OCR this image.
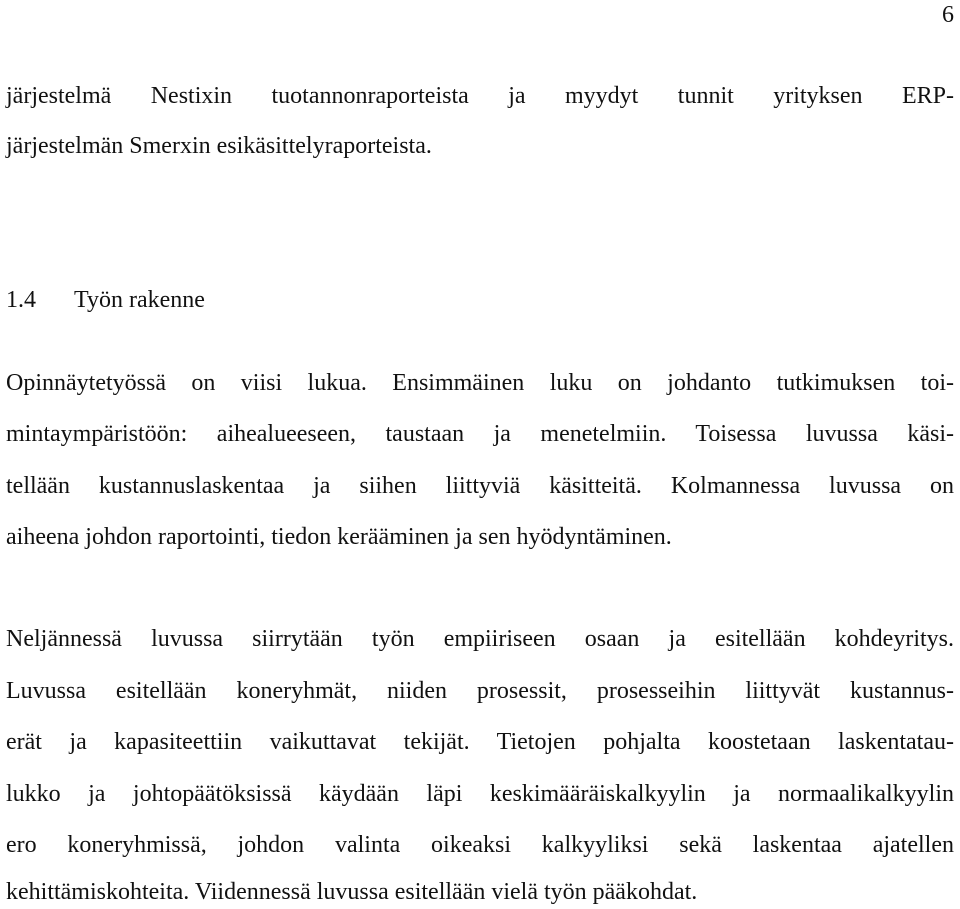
6
järjestelmä Nestixin tuotannonraporteista ja myydyt tunnit yrityksen ERP-
järjestelmän Smerxin esikäsittelyraporteista.
1.4 Työn rakenne
Opinnäytetyössä on viisi lukua. Ensimmäinen luku on johdanto tutkimuksen toi-
mintaympäristöön: aihealueeseen, taustaan ja menetelmiin. Toisessa luvussa käsi-
tellään kustannuslaskentaa ja siihen liittyviä käsitteitä. Kolmannessa luvussa on
aiheena johdon raportointi, tiedon kerääminen ja sen hyödyntäminen.
Neljännessä luvussa siirrytään työn empiiriseen osaan ja esitellään kohdeyritys.
Luvussa esitellään koneryhmät, niiden prosessit, prosesseihin liittyvät kustannus-
erät ja kapasiteettiin vaikuttavat tekijät. Tietojen pohjalta koostetaan laskentatau-
lukko ja johtopäätöksissä käydään läpi keskimääräiskalkyylin ja normaalikalkyylin
ero koneryhmissä, johdon valinta oikeaksi kalkyyliksi sekä laskentaa ajatellen
kehittämiskohteita. Viidennessä luvussa esitellään vielä työn pääkohdat.
